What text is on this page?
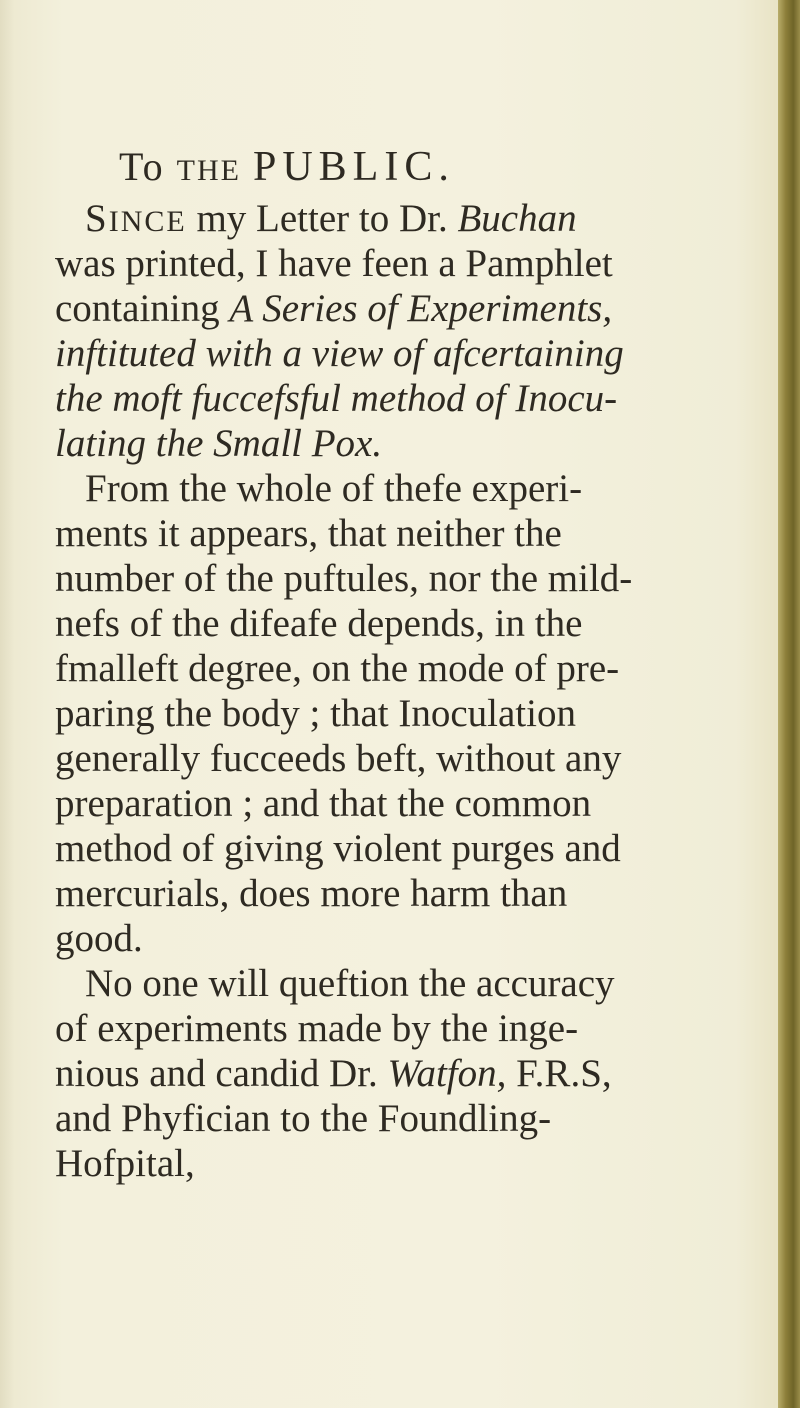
To THE PUBLIC.
SINCE my Letter to Dr. Buchan
was printed, I have feen a Pamphlet
containing A Series of Experiments,
inftituted with a view of afcertaining
the moft fuccefsful method of Inocu-
lating the Small Pox.
From the whole of thefe experi-
ments it appears, that neither the
number of the puftules, nor the mild-
nefs of the difeafe depends, in the
fmalleft degree, on the mode of pre-
paring the body ; that Inoculation
generally fucceeds beft, without any
preparation ; and that the common
method of giving violent purges and
mercurials, does more harm than
good.
No one will queftion the accuracy
of experiments made by the inge-
nious and candid Dr. Watfon, F.R.S,
and Phyfician to the Foundling-
Hofpital,
